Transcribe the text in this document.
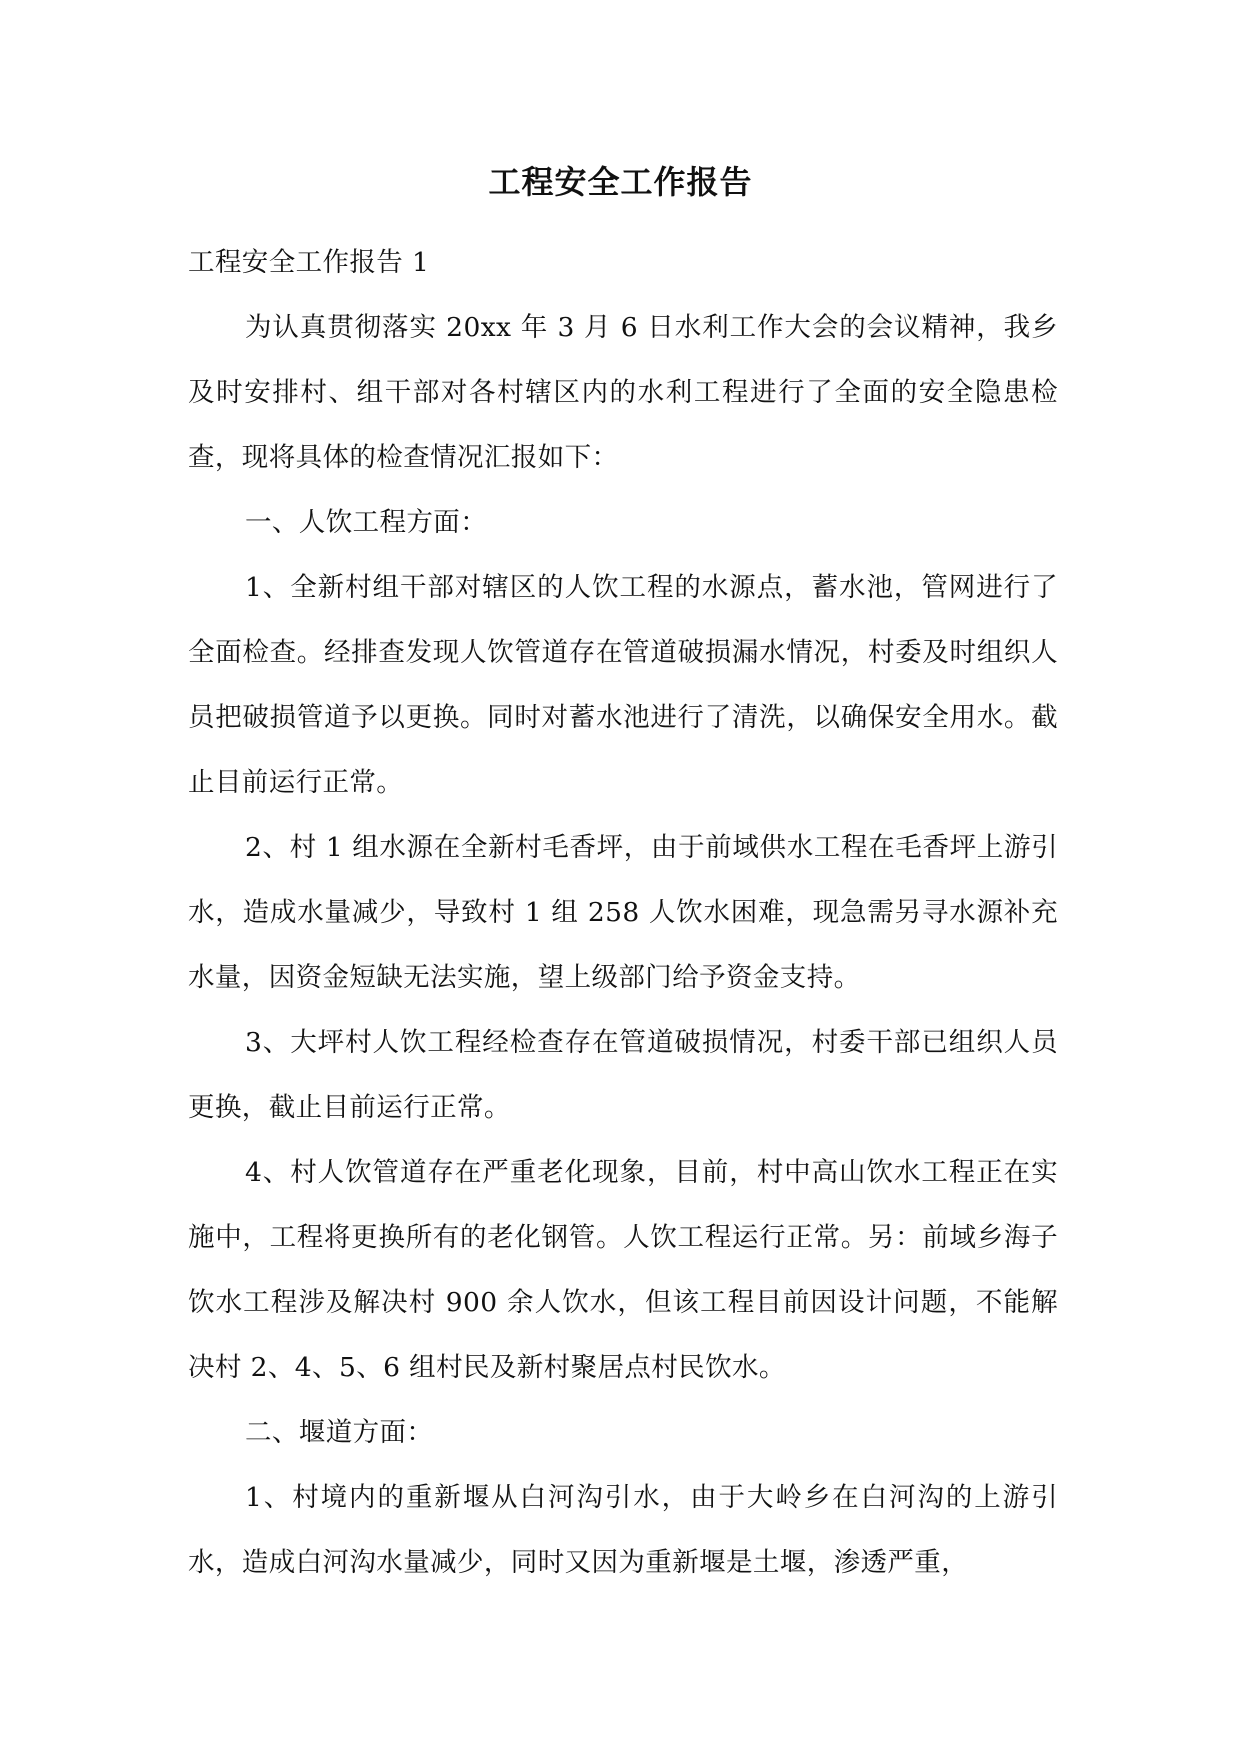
工程安全工作报告

工程安全工作报告 1

为认真贯彻落实 20xx 年 3 月 6 日水利工作大会的会议精神，我乡及时安排村、组干部对各村辖区内的水利工程进行了全面的安全隐患检查，现将具体的检查情况汇报如下：

一、人饮工程方面：

1、全新村组干部对辖区的人饮工程的水源点，蓄水池，管网进行了全面检查。经排查发现人饮管道存在管道破损漏水情况，村委及时组织人员把破损管道予以更换。同时对蓄水池进行了清洗，以确保安全用水。截止目前运行正常。

2、村 1 组水源在全新村毛香坪，由于前域供水工程在毛香坪上游引水，造成水量减少，导致村 1 组 258 人饮水困难，现急需另寻水源补充水量，因资金短缺无法实施，望上级部门给予资金支持。

3、大坪村人饮工程经检查存在管道破损情况，村委干部已组织人员更换，截止目前运行正常。

4、村人饮管道存在严重老化现象，目前，村中高山饮水工程正在实施中，工程将更换所有的老化钢管。人饮工程运行正常。另：前域乡海子饮水工程涉及解决村 900 余人饮水，但该工程目前因设计问题，不能解决村 2、4、5、6 组村民及新村聚居点村民饮水。

二、堰道方面：

1、村境内的重新堰从白河沟引水，由于大岭乡在白河沟的上游引水，造成白河沟水量减少，同时又因为重新堰是土堰，渗透严重，
